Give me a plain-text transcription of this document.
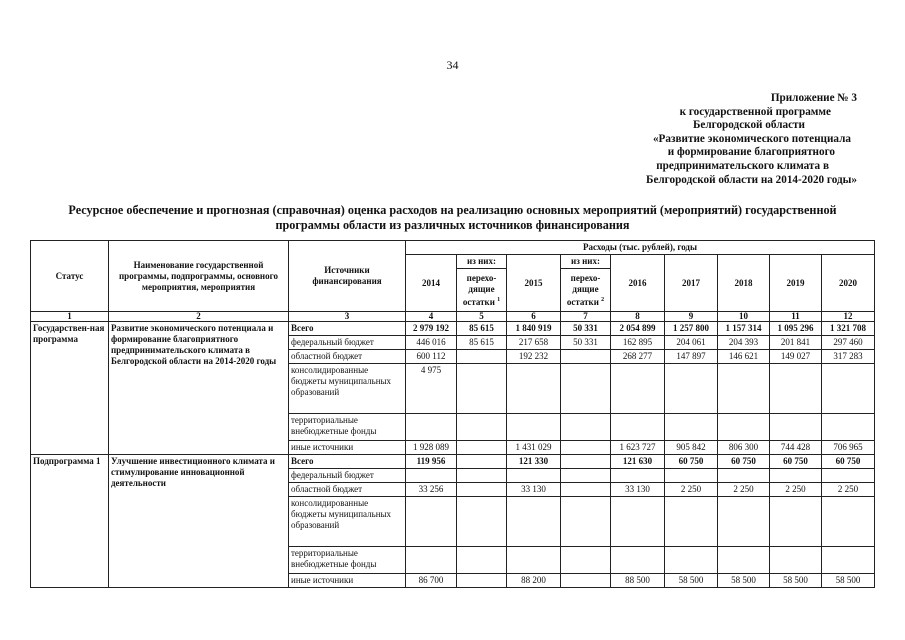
34
Приложение № 3
к государственной программе
Белгородской области
«Развитие экономического потенциала
и формирование благоприятного
предпринимательского климата в
Белгородской области на 2014-2020 годы»
Ресурсное обеспечение и прогнозная (справочная) оценка расходов на реализацию основных мероприятий (мероприятий) государственной
программы области из различных источников финансирования
Статус	Наименование государственной программы, подпрограммы, основного мероприятия, мероприятия	Источники финансирования	Расходы (тыс. рублей), годы								
			2014	из них:	2015	из них:	2016	2017	2018	2019	2020
				перехо-дящие остатки $^1$		перехо-дящие остатки $^2$
1	2	3	4	5	6	7	8	9	10	11	12
Государствен-ная программа	Развитие экономического потенциала и формирование благоприятного предпринимательского климата в Белгородской области на 2014-2020 годы	Всего	2 979 192	85 615	1 840 919	50 331	2 054 899	1 257 800	1 157 314	1 095 296	1 321 708
		федеральный бюджет	446 016	85 615	217 658	50 331	162 895	204 061	204 393	201 841	297 460
		областной бюджет	600 112		192 232		268 277	147 897	146 621	149 027	317 283
		консолидированные бюджеты муниципальных образований	4 975								
		территориальные внебюджетные фонды									
		иные источники	1 928 089		1 431 029		1 623 727	905 842	806 300	744 428	706 965
Подпрограмма 1	Улучшение инвестиционного климата и стимулирование инновационной деятельности	Всего	119 956		121 330		121 630	60 750	60 750	60 750	60 750
		федеральный бюджет									
		областной бюджет	33 256		33 130		33 130	2 250	2 250	2 250	2 250
		консолидированные бюджеты муниципальных образований									
		территориальные внебюджетные фонды									
		иные источники	86 700		88 200		88 500	58 500	58 500	58 500	58 500
